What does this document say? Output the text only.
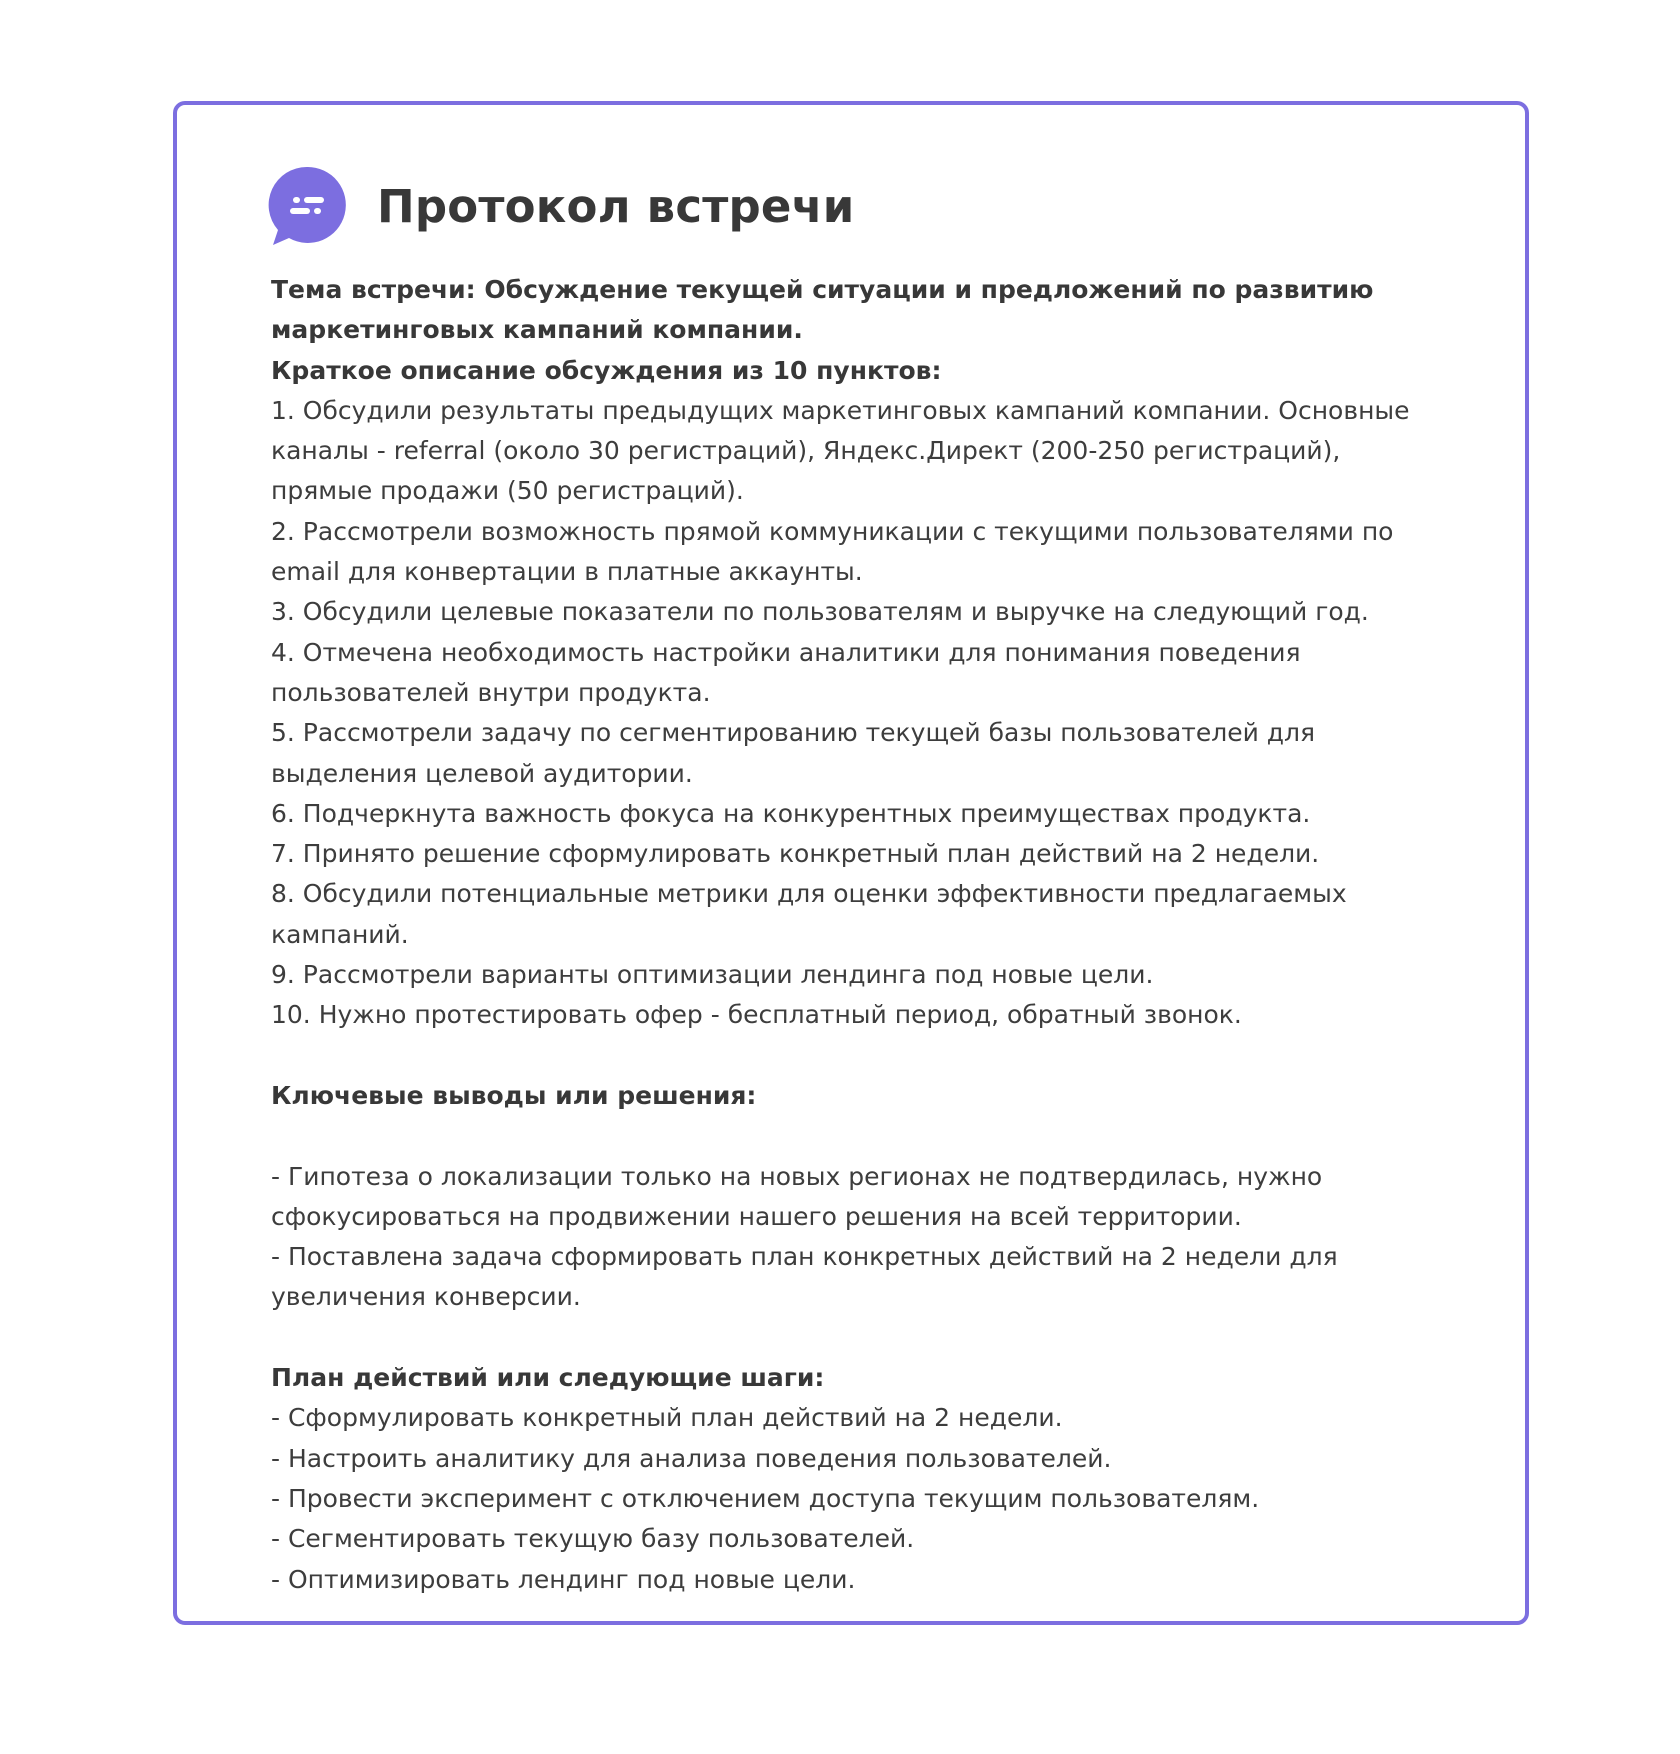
Протокол встречи
Тема встречи: Обсуждение текущей ситуации и предложений по развитию
маркетинговых кампаний компании.
Краткое описание обсуждения из 10 пунктов:
1. Обсудили результаты предыдущих маркетинговых кампаний компании. Основные
каналы - referral (около 30 регистраций), Яндекс.Директ (200-250 регистраций),
прямые продажи (50 регистраций).
2. Рассмотрели возможность прямой коммуникации с текущими пользователями по
email для конвертации в платные аккаунты.
3. Обсудили целевые показатели по пользователям и выручке на следующий год.
4. Отмечена необходимость настройки аналитики для понимания поведения
пользователей внутри продукта.
5. Рассмотрели задачу по сегментированию текущей базы пользователей для
выделения целевой аудитории.
6. Подчеркнута важность фокуса на конкурентных преимуществах продукта.
7. Принято решение сформулировать конкретный план действий на 2 недели.
8. Обсудили потенциальные метрики для оценки эффективности предлагаемых
кампаний.
9. Рассмотрели варианты оптимизации лендинга под новые цели.
10. Нужно протестировать офер - бесплатный период, обратный звонок.
Ключевые выводы или решения:
- Гипотеза о локализации только на новых регионах не подтвердилась, нужно
сфокусироваться на продвижении нашего решения на всей территории.
- Поставлена задача сформировать план конкретных действий на 2 недели для
увеличения конверсии.
План действий или следующие шаги:
- Сформулировать конкретный план действий на 2 недели.
- Настроить аналитику для анализа поведения пользователей.
- Провести эксперимент с отключением доступа текущим пользователям.
- Сегментировать текущую базу пользователей.
- Оптимизировать лендинг под новые цели.
